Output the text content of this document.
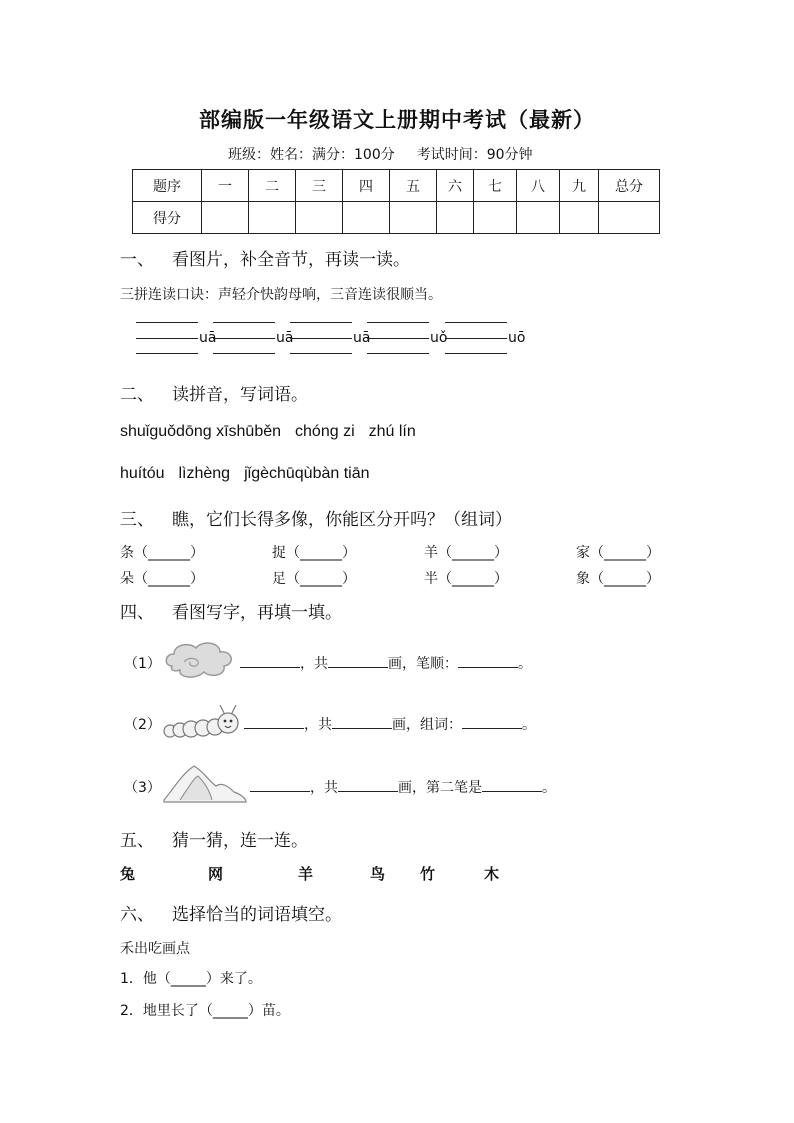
部编版一年级语文上册期中考试（最新）
班级：姓名：满分：100分 考试时间：90分钟
题序	一	二	三	四	五	六	七	八	九	总分
得分										
一、 看图片，补全音节，再读一读。
三拼连读口诀：声轻介快韵母响，三音连读很顺当。
uā	uā	uā	uǒ	uō
二、 读拼音，写词语。
shuǐguǒdōng xīshūběn chóng zi zhú lín
huítóu lìzhèng jǐgèchūqùbàn tiān
三、 瞧，它们长得多像，你能区分开吗？（组词）
条（______）	捉（______）	羊（______）	家（______）
朵（______）	足（______）	半（______）	象（______）
四、 看图写字，再填一填。
（1）	，共	画，笔顺：	。
（2）	，共	画，组词：	。
（3）	，共	画，第二笔是	。
五、 猜一猜，连一连。
兔	网	羊	鸟 竹	木
六、 选择恰当的词语填空。
禾出吃画点
1．他（_____）来了。
2．地里长了（_____）苗。
